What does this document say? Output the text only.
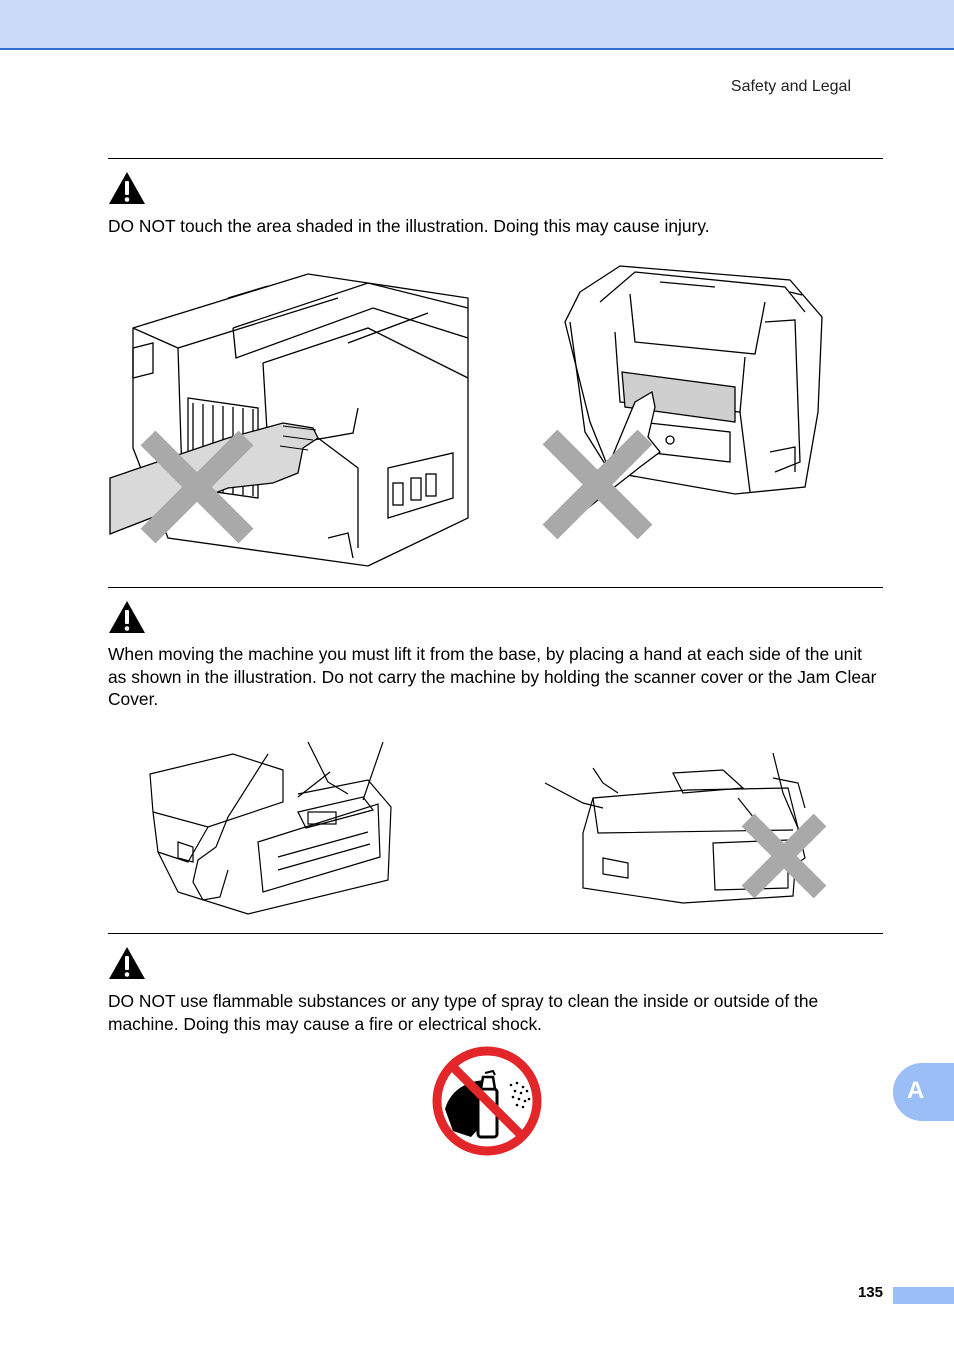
Safety and Legal
DO NOT touch the area shaded in the illustration. Doing this may cause injury.
When moving the machine you must lift it from the base, by placing a hand at each side of the unit as shown in the illustration. Do not carry the machine by holding the scanner cover or the Jam Clear Cover.
DO NOT use flammable substances or any type of spray to clean the inside or outside of the machine. Doing this may cause a fire or electrical shock.
A
135
